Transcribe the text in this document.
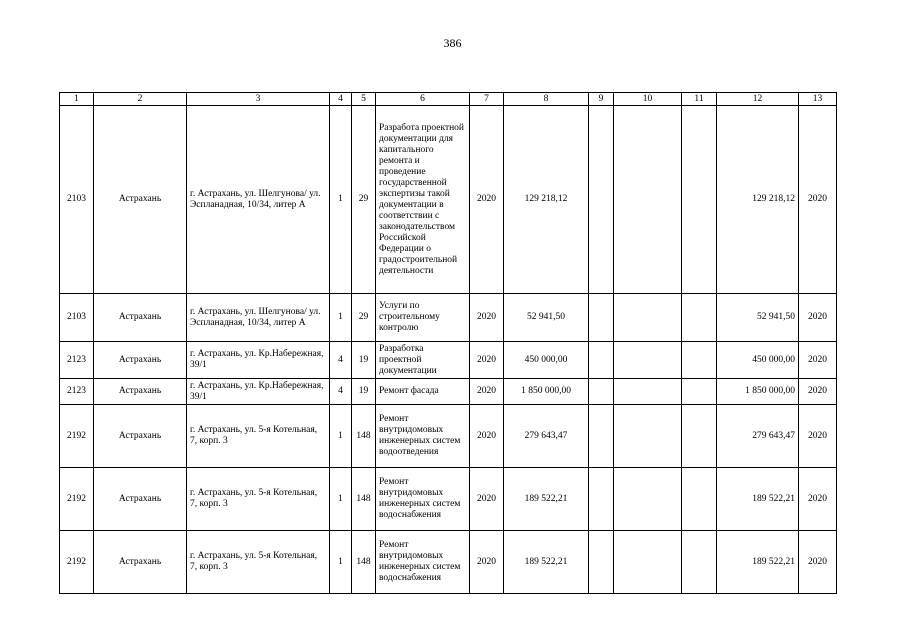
386
1	2	3	4	5	6	7	8	9	10	11	12	13
2103	Астрахань	г. Астрахань, ул. Шелгунова/ ул. Эспланадная, 10/34, литер А	1	29	Разработа проектной документации для капитального ремонта и проведение государственной экспертизы такой документации в соответствии с законодательством Российской Федерации о градостроительной деятельности	2020	129 218,12				129 218,12	2020
2103	Астрахань	г. Астрахань, ул. Шелгунова/ ул. Эспланадная, 10/34, литер А	1	29	Услуги по строительному контролю	2020	52 941,50				52 941,50	2020
2123	Астрахань	г. Астрахань, ул. Кр.Набережная, 39/1	4	19	Разработка проектной документации	2020	450 000,00				450 000,00	2020
2123	Астрахань	г. Астрахань, ул. Кр.Набережная, 39/1	4	19	Ремонт фасада	2020	1 850 000,00				1 850 000,00	2020
2192	Астрахань	г. Астрахань, ул. 5-я Котельная, 7, корп. 3	1	148	Ремонт внутридомовых инженерных систем водоотведения	2020	279 643,47				279 643,47	2020
2192	Астрахань	г. Астрахань, ул. 5-я Котельная, 7, корп. 3	1	148	Ремонт внутридомовых инженерных систем водоснабжения	2020	189 522,21				189 522,21	2020
2192	Астрахань	г. Астрахань, ул. 5-я Котельная, 7, корп. 3	1	148	Ремонт внутридомовых инженерных систем водоснабжения	2020	189 522,21				189 522,21	2020
